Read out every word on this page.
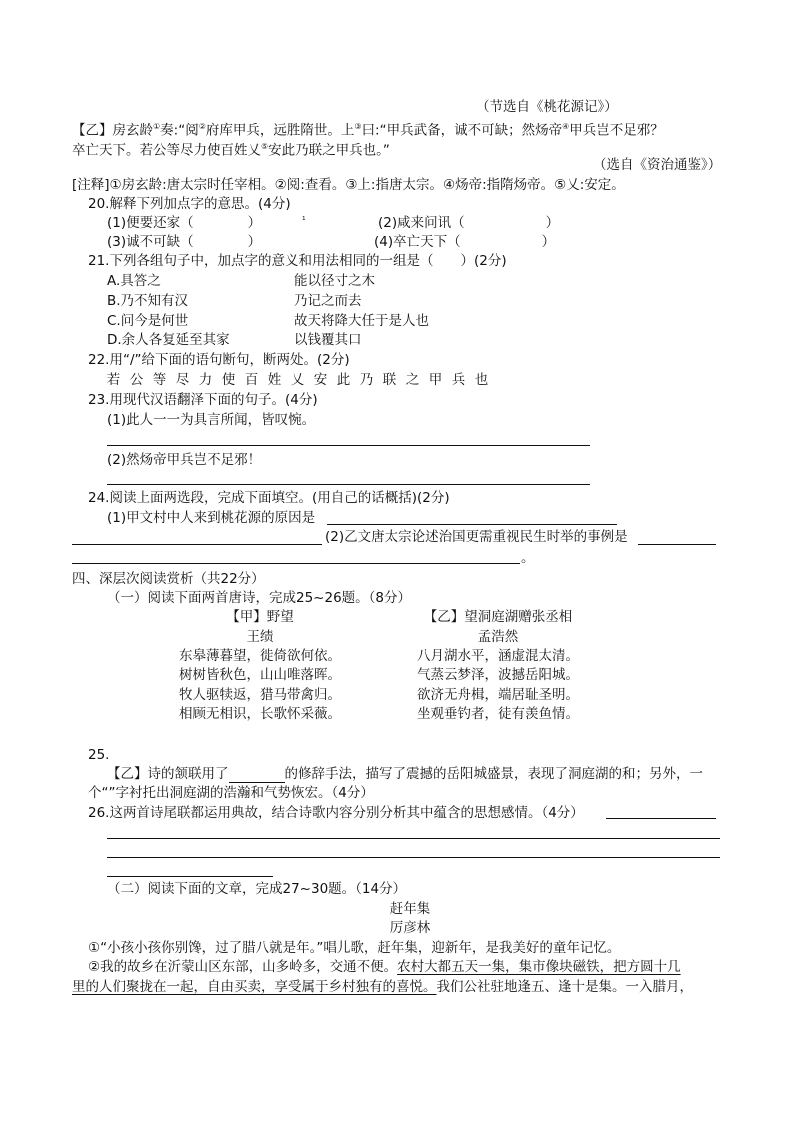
（节选自《桃花源记》）
【乙】房玄龄①奏:“阅②府库甲兵，远胜隋世。上③曰:“甲兵武备，诚不可缺；然炀帝④甲兵岂不足邪？
卒亡天下。若公等尽力使百姓乂⑤安此乃联之甲兵也。”
（选自《资治通鉴》）
[注释]①房玄龄:唐太宗时任宰相。②阅:查看。③上:指唐太宗。④炀帝:指隋炀帝。⑤乂:安定。
20.解释下列加点字的意思。(4分)
(1)便要还家（　　　　）	¹	(2)咸来问讯（　　　　　　）
(3)诚不可缺（　　　　）	(4)卒亡天下（　　　　　　）
21.下列各组句子中，加点字的意义和用法相同的一组是（　　）(2分)
A.具答之	能以径寸之木
B.乃不知有汉	乃记之而去
C.问今是何世	故天将降大任于是人也
D.余人各复延至其家	以钱覆其口
22.用“/”给下面的语句断句，断两处。(2分)
若 公 等 尽 力 使 百 姓 乂 安 此 乃 联 之 甲 兵 也
23.用现代汉语翻泽下面的句子。(4分)
(1)此人一一为具言所闻，皆叹惋。
(2)然炀帝甲兵岂不足邪！
24.阅读上面两选段，完成下面填空。(用自己的话概括)(2分)
(1)甲文村中人来到桃花源的原因是
(2)乙文唐太宗论述治国更需重视民生时举的事例是
。
四、深层次阅读赏析（共22分）
（一）阅读下面两首唐诗，完成25~26题。（8分）
【甲】野望
王绩
东皋薄暮望，徙倚欲何依。
树树皆秋色，山山唯落晖。
牧人驱犊返，猎马带禽归。
相顾无相识，长歌怀采薇。
【乙】望洞庭湖赠张丞相
孟浩然
八月湖水平，涵虚混太清。
气蒸云梦泽，波撼岳阳城。
欲济无舟楫，端居耻圣明。
坐观垂钓者，徒有羡鱼情。
25.
【乙】诗的颔联用了	的修辞手法，描写了震撼的岳阳城盛景，表现了洞庭湖的和；另外，一
个“”字衬托出洞庭湖的浩瀚和气势恢宏。（4分）
26.这两首诗尾联都运用典故，结合诗歌内容分别分析其中蕴含的思想感情。（4分）
（二）阅读下面的文章，完成27~30题。（14分）
赶年集
厉彦林
①“小孩小孩你别馋，过了腊八就是年。”唱儿歌，赶年集，迎新年，是我美好的童年记忆。
②我的故乡在沂蒙山区东部，山多岭多，交通不便。农村大都五天一集，集市像块磁铁，把方圆十几
里的人们聚拢在一起，自由买卖，享受属于乡村独有的喜悦。我们公社驻地逢五、逢十是集。一入腊月，
